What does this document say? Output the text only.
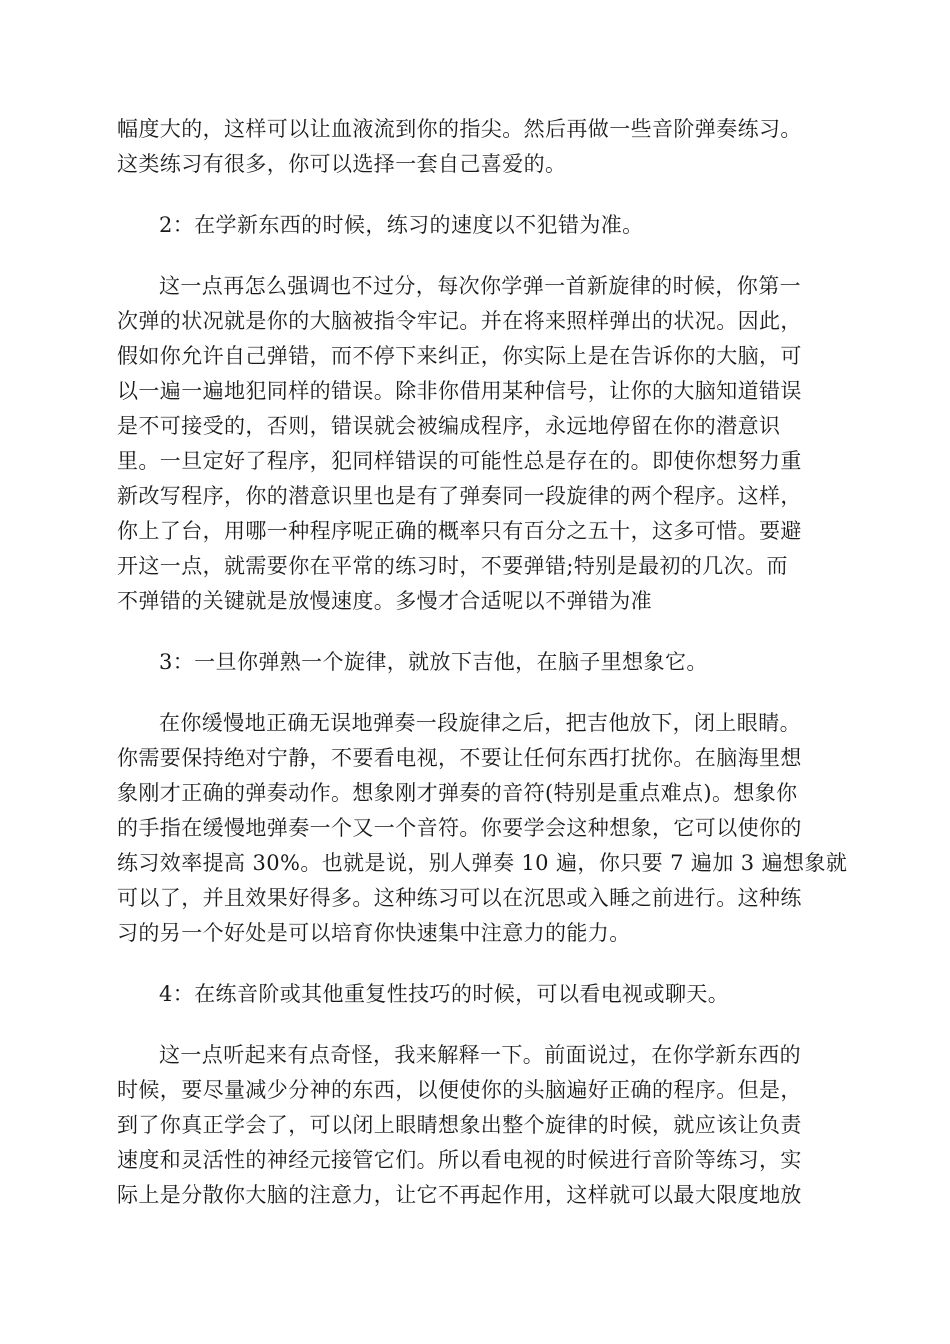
幅度大的，这样可以让血液流到你的指尖。然后再做一些音阶弹奏练习。
这类练习有很多，你可以选择一套自己喜爱的。
2：在学新东西的时候，练习的速度以不犯错为准。
这一点再怎么强调也不过分，每次你学弹一首新旋律的时候，你第一
次弹的状况就是你的大脑被指令牢记。并在将来照样弹出的状况。因此，
假如你允许自己弹错，而不停下来纠正，你实际上是在告诉你的大脑，可
以一遍一遍地犯同样的错误。除非你借用某种信号，让你的大脑知道错误
是不可接受的，否则，错误就会被编成程序，永远地停留在你的潜意识
里。一旦定好了程序，犯同样错误的可能性总是存在的。即使你想努力重
新改写程序，你的潜意识里也是有了弹奏同一段旋律的两个程序。这样，
你上了台，用哪一种程序呢正确的概率只有百分之五十，这多可惜。要避
开这一点，就需要你在平常的练习时，不要弹错;特别是最初的几次。而
不弹错的关键就是放慢速度。多慢才合适呢以不弹错为准
3：一旦你弹熟一个旋律，就放下吉他，在脑子里想象它。
在你缓慢地正确无误地弹奏一段旋律之后，把吉他放下，闭上眼睛。
你需要保持绝对宁静，不要看电视，不要让任何东西打扰你。在脑海里想
象刚才正确的弹奏动作。想象刚才弹奏的音符(特别是重点难点)。想象你
的手指在缓慢地弹奏一个又一个音符。你要学会这种想象，它可以使你的
练习效率提高 30%。也就是说，别人弹奏 10 遍，你只要 7 遍加 3 遍想象就
可以了，并且效果好得多。这种练习可以在沉思或入睡之前进行。这种练
习的另一个好处是可以培育你快速集中注意力的能力。
4：在练音阶或其他重复性技巧的时候，可以看电视或聊天。
这一点听起来有点奇怪，我来解释一下。前面说过，在你学新东西的
时候，要尽量减少分神的东西，以便使你的头脑遍好正确的程序。但是，
到了你真正学会了，可以闭上眼睛想象出整个旋律的时候，就应该让负责
速度和灵活性的神经元接管它们。所以看电视的时候进行音阶等练习，实
际上是分散你大脑的注意力，让它不再起作用，这样就可以最大限度地放
